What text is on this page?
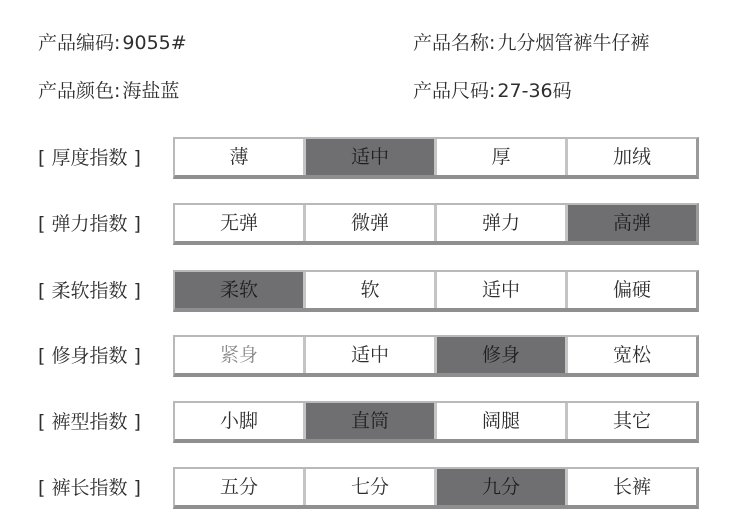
产品编码: 9055#	产品名称: 九分烟管裤牛仔裤
产品颜色: 海盐蓝	产品尺码: 27-36码
[ 厚度指数 ]	薄	适中	厚	加绒
[ 弹力指数 ]	无弹	微弹	弹力	高弹
[ 柔软指数 ]	柔软	软	适中	偏硬
[ 修身指数 ]	紧身	适中	修身	宽松
[ 裤型指数 ]	小脚	直筒	阔腿	其它
[ 裤长指数 ]	五分	七分	九分	长裤
